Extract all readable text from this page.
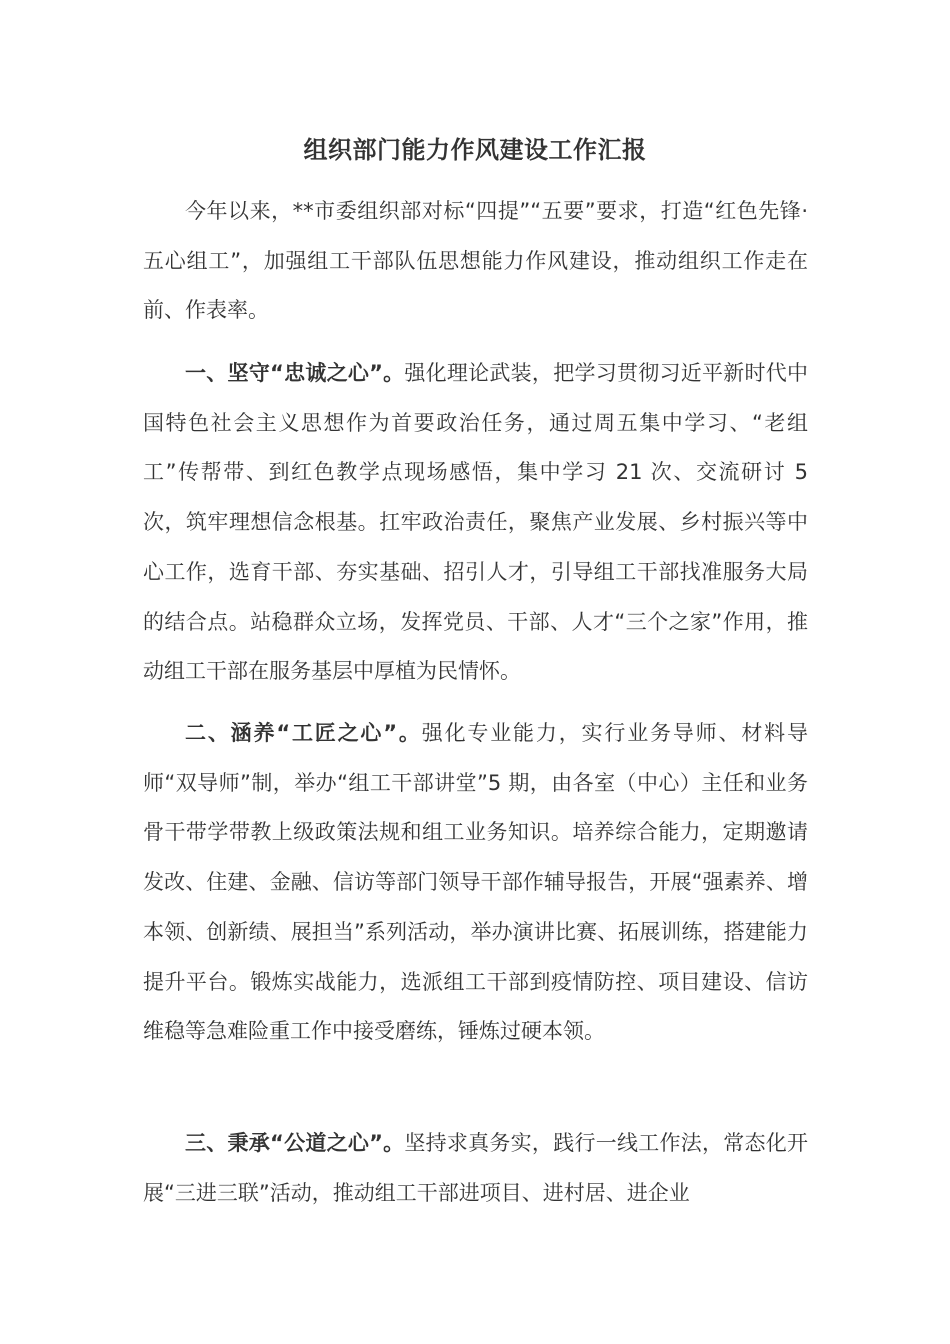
组织部门能力作风建设工作汇报

今年以来，**市委组织部对标“四提”“五要”要求，打造“红色先锋·五心组工”，加强组工干部队伍思想能力作风建设，推动组织工作走在前、作表率。

一、坚守“忠诚之心”。强化理论武装，把学习贯彻习近平新时代中国特色社会主义思想作为首要政治任务，通过周五集中学习、“老组工”传帮带、到红色教学点现场感悟，集中学习 21 次、交流研讨 5 次，筑牢理想信念根基。扛牢政治责任，聚焦产业发展、乡村振兴等中心工作，选育干部、夯实基础、招引人才，引导组工干部找准服务大局的结合点。站稳群众立场，发挥党员、干部、人才“三个之家”作用，推动组工干部在服务基层中厚植为民情怀。

二、涵养“工匠之心”。强化专业能力，实行业务导师、材料导师“双导师”制，举办“组工干部讲堂”5 期，由各室（中心）主任和业务骨干带学带教上级政策法规和组工业务知识。培养综合能力，定期邀请发改、住建、金融、信访等部门领导干部作辅导报告，开展“强素养、增本领、创新绩、展担当”系列活动，举办演讲比赛、拓展训练，搭建能力提升平台。锻炼实战能力，选派组工干部到疫情防控、项目建设、信访维稳等急难险重工作中接受磨练，锤炼过硬本领。

三、秉承“公道之心”。坚持求真务实，践行一线工作法，常态化开展“三进三联”活动，推动组工干部进项目、进村居、进企业
